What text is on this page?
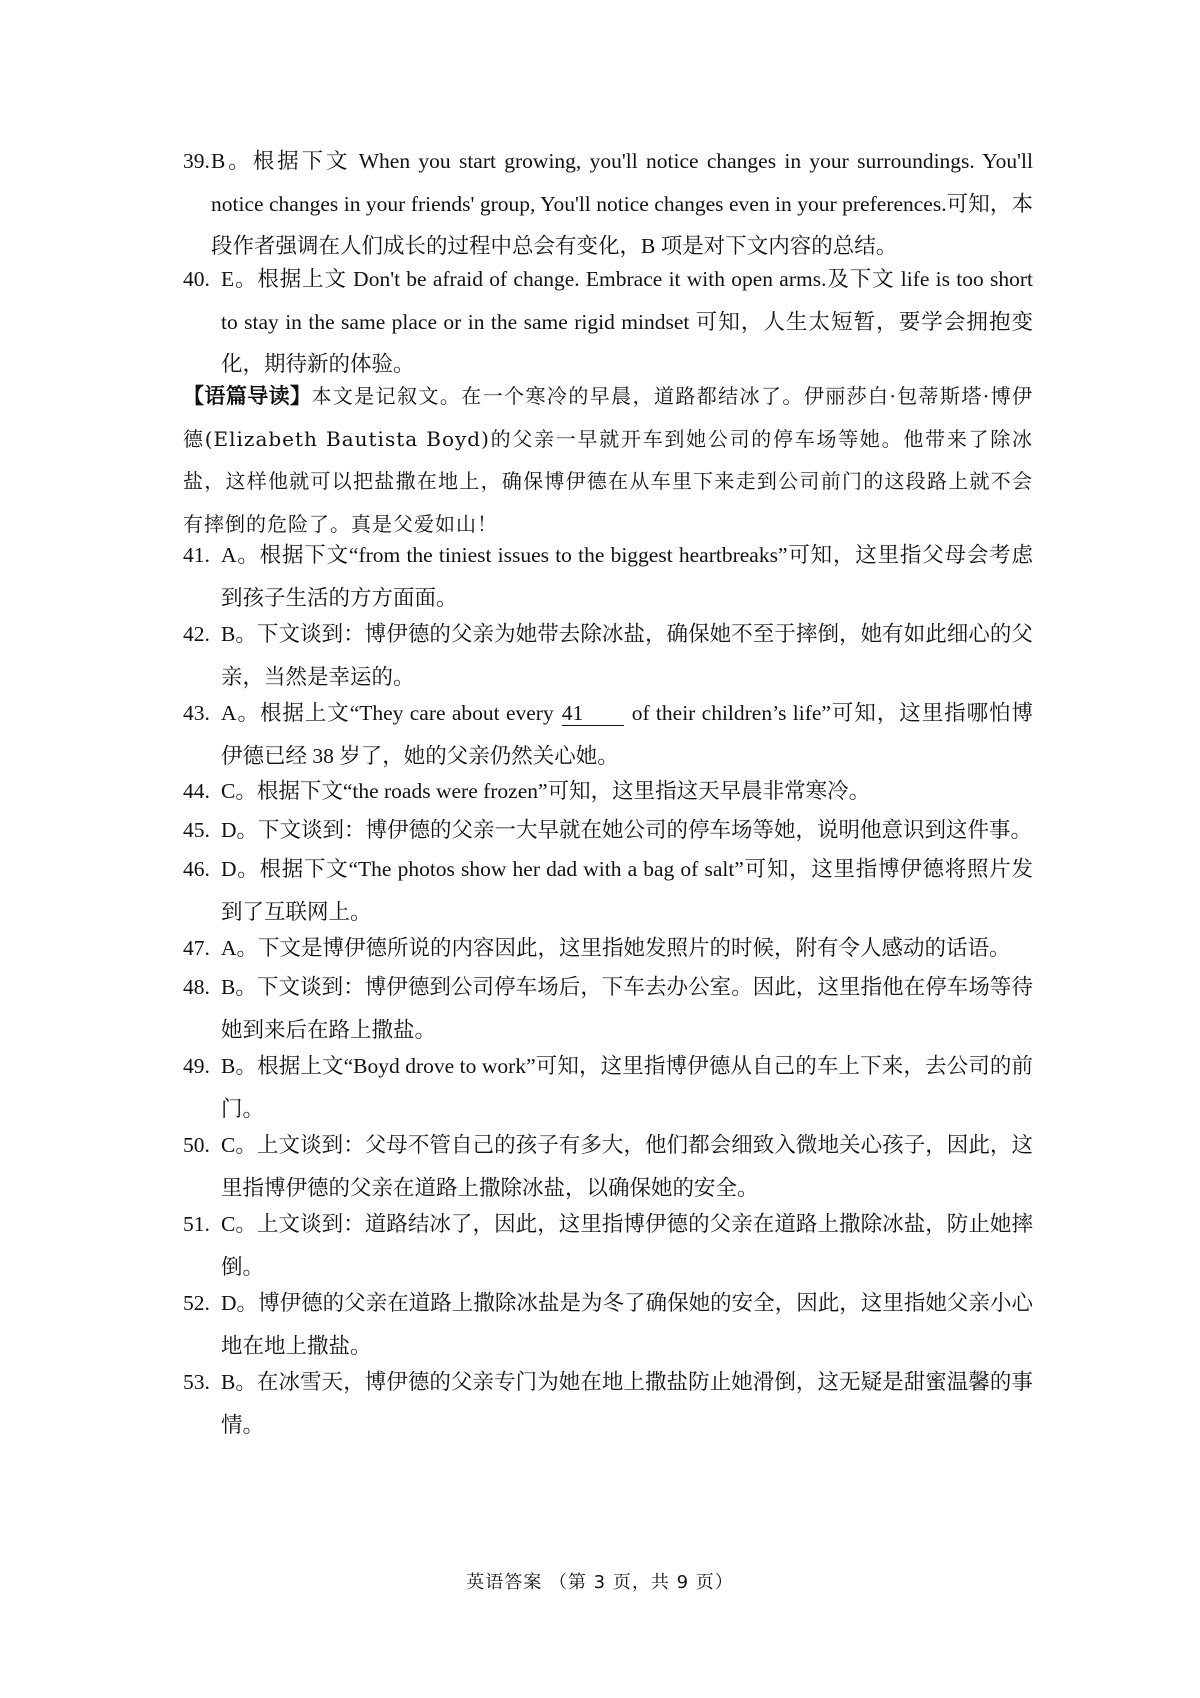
39. B。根据下文 When you start growing, you'll notice changes in your surroundings. You'll notice changes in your friends' group, You'll notice changes even in your preferences.可知，本段作者强调在人们成长的过程中总会有变化，B 项是对下文内容的总结。
40. E。根据上文 Don't be afraid of change. Embrace it with open arms.及下文 life is too short to stay in the same place or in the same rigid mindset 可知，人生太短暂，要学会拥抱变化，期待新的体验。
【语篇导读】本文是记叙文。在一个寒冷的早晨，道路都结冰了。伊丽莎白·包蒂斯塔·博伊德(Elizabeth Bautista Boyd)的父亲一早就开车到她公司的停车场等她。他带来了除冰盐，这样他就可以把盐撒在地上，确保博伊德在从车里下来走到公司前门的这段路上就不会有摔倒的危险了。真是父爱如山！
41. A。根据下文“from the tiniest issues to the biggest heartbreaks”可知，这里指父母会考虑到孩子生活的方方面面。
42. B。下文谈到：博伊德的父亲为她带去除冰盐，确保她不至于摔倒，她有如此细心的父亲，当然是幸运的。
43. A。根据上文“They care about every 41 of their children’s life”可知，这里指哪怕博伊德已经 38 岁了，她的父亲仍然关心她。
44. C。根据下文“the roads were frozen”可知，这里指这天早晨非常寒冷。
45. D。下文谈到：博伊德的父亲一大早就在她公司的停车场等她，说明他意识到这件事。
46. D。根据下文“The photos show her dad with a bag of salt”可知，这里指博伊德将照片发到了互联网上。
47. A。下文是博伊德所说的内容因此，这里指她发照片的时候，附有令人感动的话语。
48. B。下文谈到：博伊德到公司停车场后，下车去办公室。因此，这里指他在停车场等待她到来后在路上撒盐。
49. B。根据上文“Boyd drove to work”可知，这里指博伊德从自己的车上下来，去公司的前门。
50. C。上文谈到：父母不管自己的孩子有多大，他们都会细致入微地关心孩子，因此，这里指博伊德的父亲在道路上撒除冰盐，以确保她的安全。
51. C。上文谈到：道路结冰了，因此，这里指博伊德的父亲在道路上撒除冰盐，防止她摔倒。
52. D。博伊德的父亲在道路上撒除冰盐是为冬了确保她的安全，因此，这里指她父亲小心地在地上撒盐。
53. B。在冰雪天，博伊德的父亲专门为她在地上撒盐防止她滑倒，这无疑是甜蜜温馨的事情。
英语答案 （第 3 页，共 9 页）
